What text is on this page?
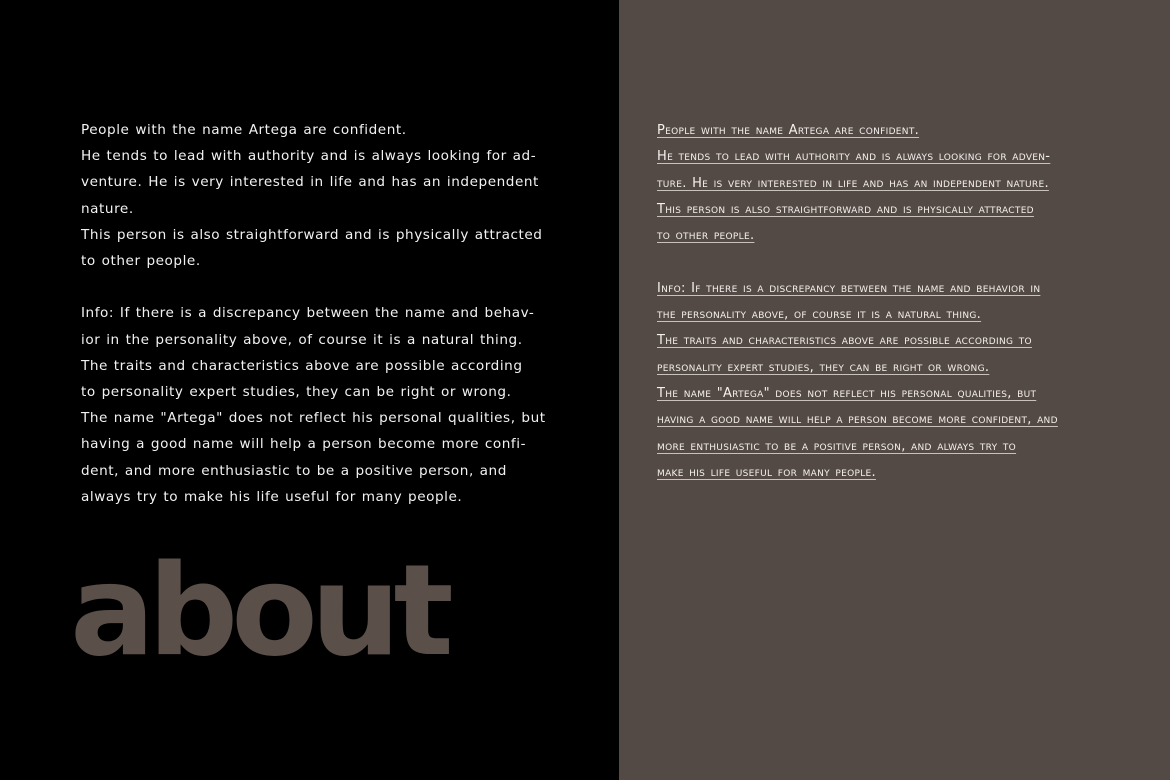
People with the name Artega are confident.

He tends to lead with authority and is always looking for ad-

venture. He is very interested in life and has an independent

nature.

This person is also straightforward and is physically attracted

to other people.

Info: If there is a discrepancy between the name and behav-

ior in the personality above, of course it is a natural thing.

The traits and characteristics above are possible according

to personality expert studies, they can be right or wrong.

The name "Artega" does not reflect his personal qualities, but

having a good name will help a person become more confi-

dent, and more enthusiastic to be a positive person, and

always try to make his life useful for many people.

about

People with the name Artega are confident.

He tends to lead with authority and is always looking for adven-

ture. He is very interested in life and has an independent nature.

This person is also straightforward and is physically attracted

to other people.

Info: If there is a discrepancy between the name and behavior in

the personality above, of course it is a natural thing.

The traits and characteristics above are possible according to

personality expert studies, they can be right or wrong.

The name "Artega" does not reflect his personal qualities, but

having a good name will help a person become more confident, and

more enthusiastic to be a positive person, and always try to

make his life useful for many people.
